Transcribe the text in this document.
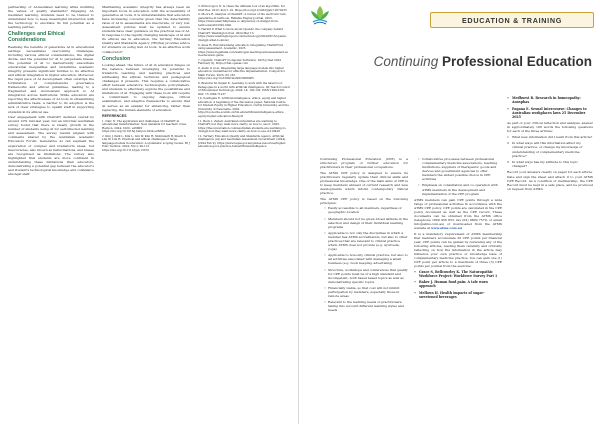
partnership of AI-mediated learning while instilling the values of quality standards? Engaging AI-mediated learning, students need to be trained to understand how to keep meaningful interaction with the technology to elucidate its full potential as a learning partner.

Challenges and Ethical Considerations

Realising the benefits of generative AI in educational settings necessitates overcoming challenges, including various ethical considerations, the digital divide, and the potential for AI to perpetuate biases. The potential of AI to inadvertently exacerbate educational inequalities and undermine academic integrity presents significant hurdles to its effective and ethical integration in higher education. Moreover, the rapid pace of AI development often outstrips the formulation of comprehensive governance frameworks and ethical guidelines, leading to a fragmented and inconsistent approach to AI integration across institutions. While educators are reporting the effectiveness of AI tools in streamlining administrative tasks, a barrier to its adoption is the lack of clear strategies to upskill staff in supporting students in its ethical use.

User engagement with ChatGPT declined overall by around 10% mid-last year, but an informal Australian survey found that there is steady growth in the number of students using AI for self-directed learning and assessment. The survey results aligned with comments shared by the Australian Academic Educators Forum. Generative AI can augment the exploration of complex and brainstorm ideas, but inaccuracies, also known as hallucinations, and biases are recognised as limitations. The survey also highlighted that students are more confident in understanding these limitations than educators, demonstrating a potential gap between the educator's and student's technological knowledge and confidence amongst staff.

Maintaining academic integrity has always been an important focus in education, with the accessibility of generative AI tools, it is understandable that educators have increasing concerns given that the detectability rates of AI in assessments are inaccurate, or very low. Assessment policies must be updated to ensure students have clear guidance on the practical use of AI. In response to the rapidly changing landscape of AI and its ethical use in education, the Tertiary Education Quality and Standards Agency (TEQSA) provides advice for students on using Gen AI tools. Is an effective work collaborator?

Conclusion

Looking ahead, the future of AI in education hinges on the balance between leveraging its potential to transform teaching and learning practices and addressing the ethical, technical, and pedagogical challenges it presents. This requires a collaborative effort between educators, technologists, policymakers, and students to effectively explore the possibilities and limitations of AI. Engaging with these tools will require a commitment to ongoing dialogue, critical examination, and adaptive frameworks to ensure that AI serves as an enabler for enhancing, rather than replacing, the human elements of education.

REFERENCES
1. Nair, N. The application and challenges of ChatGPT in educational transformation: New demands for teachers' roles. Heliyon. 2024; 10(6): e26809 https://doi.org/10.1016/j.heliyon.2024.e26809
2. Kim J, Park L, Kim L, Lim W, Kim H, Mohinderh B, Sharit S, Lim W, Lim H. Practical and ethical challenges of large language models in education: A systematic scoping review. Br J Educ Technol. 2024; 55(1): 90-112. https://doi.org/10.1111/bjet.13370
3. Primorogiov N. Is chess the ultimate tool of an algorithm. Sci Stud Res. 2012; 4(2):1-19. https://doi.org/10.5432/ijstr.12070235
4. Moore R. Analysis of ChatGPT: A review of the electronic text-generative AI textbook. Reliable Engine Journal. 2023. https://www.anarchikpressa.co.uk/journey-of-chatgpt-from-textbooks/4013320.html
5. Hermit P. What to know about OpenAI, the company behind ChatGPT. Washington Post. 2024 Mar 13. https://www.washingtonpost.com/technology/2024/03/13/openai-chatgpt-what-to-know/
6. Abeé H. Revolutionising education: Integrating ChatGPT/AI using assessment. Academic. 2025. https://www.regeltalia.com/weblog/ai-teaching-and-assessment-ai-in-education-guide
7. Opentdi. ChatGPT (Computer Software). 2025 [cited 2024 February 9]. https://chat.openai.com
8. Aiello G et al. Integrating large language models into higher education: Guidelines for effective implementation. Comput Sci Math Forum. 2023; 8(1):65. https://doi.org/10.3390/cmsf2023008065
9. Brendon M, Kujam K. Learning to work with the latest tool: Pedagogies in a world with artificial intelligence. Int Teach Council of Educational Technology. 2024; 14: 100-120. ISSN:1994-5302 DOI: 15.1080-71237
10. Southgate E. Artificial intelligence, ethics, equity and higher education: A beginning of the discussion paper. National Centre for Student Equity in Higher Education, Curtin University, and the University of Newcastle. 2020. http://doi.de.fda.scsinfo.curtin.edu/artificial-intelligence-ethics-equity-higher-education-final.pdf
11. Beck L. Zabell. Australian universities are warming to ChatGPT, but they want more clarity on how to use it. 2023. https://theconversation.com/australian-students-are-warming-to-chatgpt-but-they-want-more-clarity-on-how-to-use-it-218428
12. Tertiary Education Quality and Standards Agency. Artificial intelligence (AI) and Australian Assessment Government (2024). [2024 Feb 9]. https://www.teqsa.gov.au/guides-resources/higher-education-good-practice-hub/artificial-intelligence
EDUCATION & TRAINING
Continuing Professional Education

Continuing Professional Education (CPE) is a structured program of further education for practitioners in their professional occupations.

The ATMS CPE policy is designed to ensure its practitioners regularly update their clinical skills and professional knowledge. One of the main aims of CPE is to keep members abreast of current research and new developments which inform contemporary clinical practice.

The ATMS CPE policy is based on the following principles:

• Easily accessible to all members, regardless of geographic location
• Members should not be given broad latitude in the selection and design of their individual learning programs
• Applicable to not only the disciplines in which a member has ATMS accreditation, but also to other practices that are relevant to clinical practice which ATMS does not provide (e.g. Ayurveda, yoga)
• Applicable to non-only clinical practice, but also to all activities associated with managing a small business (e.g. book keeping, advertising)
• Structure, workshops and conferences that qualify for CPE points must be of a high standard and incompetent, both based based topics as well as demonstrating specific topics
• Financially viable, so that cost will not inhibit participation by members, especially those in remote areas
• Relevant to the learning needs of practitioners, taking into account different learning styles and needs
• Collaborative processes between professional complementary medicine associations, teaching institutions, suppliers of therapeutic goods and devices and government agencies to offer members the widest possible choice in CPE activities
• Emphasis on consultation and co-operation with ATMS members in the development and implementation of the CPE program

ATMS members can gain CPE points through a wide range of professional activities in accordance with the ATMS CPE policy. CPE points are calculated in the CPE policy document as well as the CPE record. These documents can be obtained from the ATMS office (telephone 1800 456 855, fax (02) 9809 7570, or email info@atms.com.au) or downloaded from the ATMS website at www.atms.com.au

It is a mandatory requirement of ATMS membership that members accumulate 20 CPE points per financial year. CPE points can be gained by reviewing any of the following articles, reading them carefully and critically reflecting on how the information in the article may influence your own practice or knowledge base of complementary medicine practice. You can gain one (1) CPE point per article to a maximum of three (3) CPE points per journal from the exercise:

• Grace S, Bellcourley K. The Naturopathic Workforce Project: Workforce Survey Part 1
• Baker J. Human food pain: A tale worn approach
• Mellows H. Health impacts of sugar-sweetened beverages
• Medhurst R. Research in homeopathy: Anosphas
• Pagana E. Sexual intercourse: Changes to Australian workplaces laws 25 December 2025

As part of your critical reflection and analysis, answer in approximately 100 words the following questions for each of the three articles:

1 What new information did I learn from this article?
2 In what ways will this information affect my clinical practice, or change my knowledge or understanding of complementary medicine practice?
3 In what ways has my attitude to this topic changed?

Record your answers clearly on paper for each article. Date and sign the sheet and attach it to your ATMS CPE Record. As a condition of membership, the CPE Record must be kept in a safe place, and be produced on request from ATMS.
